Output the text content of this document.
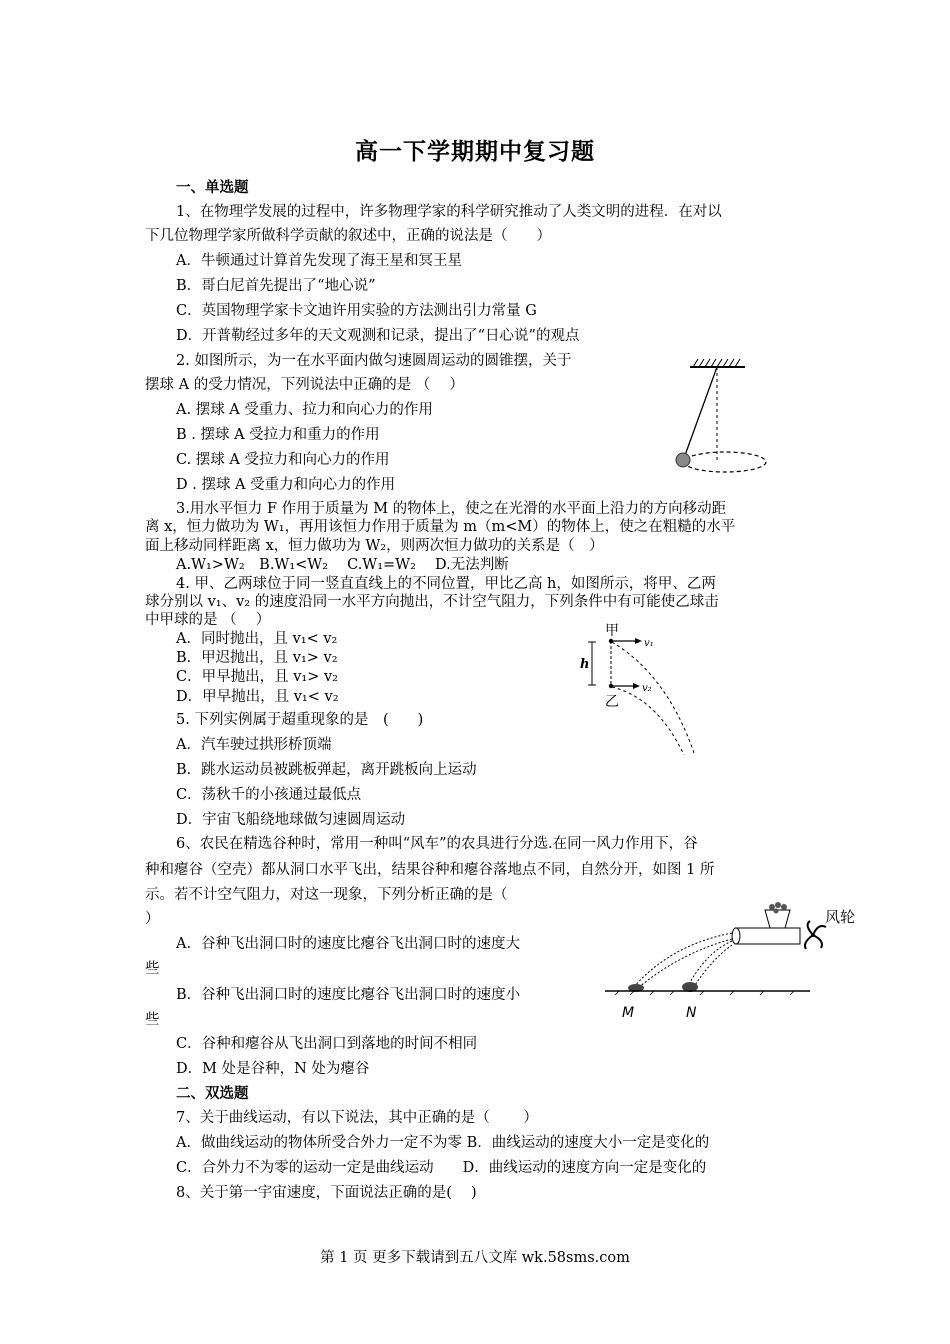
高一下学期期中复习题
一、单选题
1、在物理学发展的过程中，许多物理学家的科学研究推动了人类文明的进程．在对以
下几位物理学家所做科学贡献的叙述中，正确的说法是（　　）
A．牛顿通过计算首先发现了海王星和冥王星
B．哥白尼首先提出了“地心说”
C．英国物理学家卡文迪许用实验的方法测出引力常量 G
D．开普勒经过多年的天文观测和记录，提出了“日心说”的观点
2. 如图所示，为一在水平面内做匀速圆周运动的圆锥摆，关于
摆球 A 的受力情况，下列说法中正确的是 （　 ）
A. 摆球 A 受重力、拉力和向心力的作用
B . 摆球 A 受拉力和重力的作用
C. 摆球 A 受拉力和向心力的作用
D . 摆球 A 受重力和向心力的作用
3.用水平恒力 F 作用于质量为 M 的物体上，使之在光滑的水平面上沿力的方向移动距
离 x，恒力做功为 W₁，再用该恒力作用于质量为 m（m<M）的物体上，使之在粗糙的水平
面上移动同样距离 x，恒力做功为 W₂，则两次恒力做功的关系是（　）
A.W₁>W₂　B.W₁<W₂　 C.W₁=W₂　 D.无法判断
4. 甲、乙两球位于同一竖直直线上的不同位置，甲比乙高 h，如图所示，将甲、乙两
球分别以 v₁、v₂ 的速度沿同一水平方向抛出，不计空气阻力，下列条件中有可能使乙球击
中甲球的是 （　 ）
A．同时抛出，且 v₁< v₂
B．甲迟抛出，且 v₁> v₂
C．甲早抛出，且 v₁> v₂
D．甲早抛出，且 v₁< v₂
甲
乙
h
v₁
v₂
5. 下列实例属于超重现象的是　(　　)
A．汽车驶过拱形桥顶端
B．跳水运动员被跳板弹起，离开跳板向上运动
C．荡秋千的小孩通过最低点
D．宇宙飞船绕地球做匀速圆周运动
6、农民在精选谷种时，常用一种叫“风车”的农具进行分选.在同一风力作用下，谷
种和瘪谷（空壳）都从洞口水平飞出，结果谷种和瘪谷落地点不同，自然分开，如图 1 所
示。若不计空气阻力，对这一现象，下列分析正确的是（
）
A．谷种飞出洞口时的速度比瘪谷飞出洞口时的速度大
些
B．谷种飞出洞口时的速度比瘪谷飞出洞口时的速度小
些
C．谷种和瘪谷从飞出洞口到落地的时间不相同
D．M 处是谷种，N 处为瘪谷
风轮
M	N
二、双选题
7、关于曲线运动，有以下说法，其中正确的是（　　 ）
A．做曲线运动的物体所受合外力一定不为零 B．曲线运动的速度大小一定是变化的
C．合外力不为零的运动一定是曲线运动　　D．曲线运动的速度方向一定是变化的
8、关于第一宇宙速度，下面说法正确的是(　 )
第 1 页 更多下载请到五八文库 wk.58sms.com
